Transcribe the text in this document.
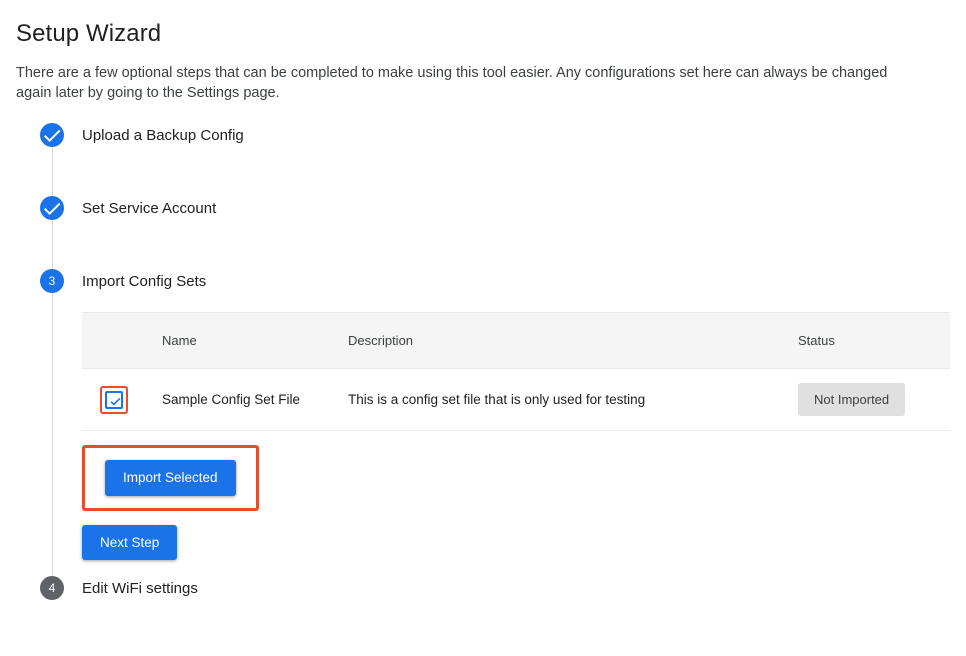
Setup Wizard

There are a few optional steps that can be completed to make using this tool easier. Any configurations set here can always be changed again later by going to the Settings page.

Upload a Backup Config
Set Service Account
3	Import Config Sets
	Name	Description	Status

	Sample Config Set File	This is a config set file that is only used for testing	Not Imported
Import Selected
Next Step
4	Edit WiFi settings
